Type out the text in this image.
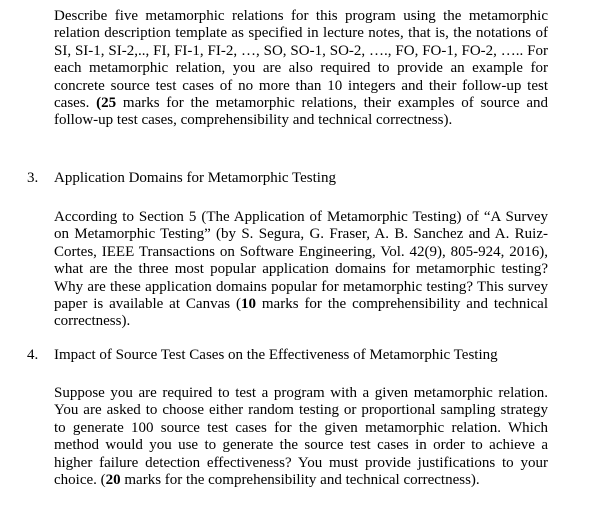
Describe five metamorphic relations for this program using the metamorphic relation description template as specified in lecture notes, that is, the notations of SI, SI-1, SI-2,.., FI, FI-1, FI-2, …, SO, SO-1, SO-2, …., FO, FO-1, FO-2, ….. For each metamorphic relation, you are also required to provide an example for concrete source test cases of no more than 10 integers and their follow-up test cases. (25 marks for the metamorphic relations, their examples of source and follow-up test cases, comprehensibility and technical correctness).

3. Application Domains for Metamorphic Testing

According to Section 5 (The Application of Metamorphic Testing) of “A Survey on Metamorphic Testing” (by S. Segura, G. Fraser, A. B. Sanchez and A. Ruiz-Cortes, IEEE Transactions on Software Engineering, Vol. 42(9), 805-924, 2016), what are the three most popular application domains for metamorphic testing? Why are these application domains popular for metamorphic testing? This survey paper is available at Canvas (10 marks for the comprehensibility and technical correctness).

4. Impact of Source Test Cases on the Effectiveness of Metamorphic Testing

Suppose you are required to test a program with a given metamorphic relation. You are asked to choose either random testing or proportional sampling strategy to generate 100 source test cases for the given metamorphic relation. Which method would you use to generate the source test cases in order to achieve a higher failure detection effectiveness? You must provide justifications to your choice. (20 marks for the comprehensibility and technical correctness).
